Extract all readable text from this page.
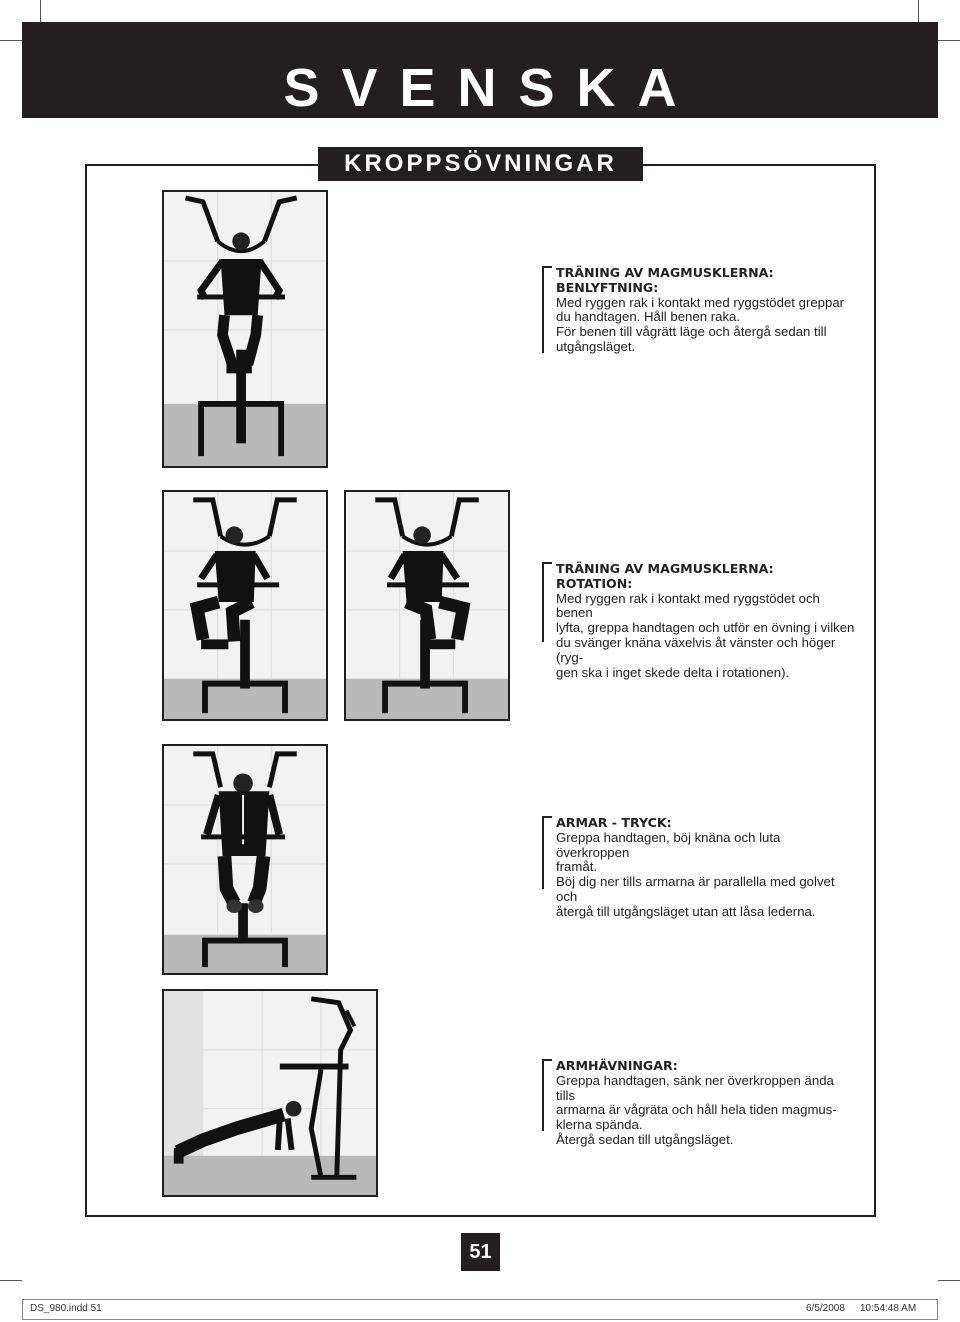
SVENSKA
KROPPSÖVNINGAR
TRÄNING AV MAGMUSKLERNA:
BENLYFTNING:

Med ryggen rak i kontakt med ryggstödet greppar

du handtagen. Håll benen raka.

För benen till vågrätt läge och återgå sedan till

utgångsläget.

TRÄNING AV MAGMUSKLERNA:
ROTATION:

Med ryggen rak i kontakt med ryggstödet och benen

lyfta, greppa handtagen och utför en övning i vilken

du svänger knäna växelvis åt vänster och höger (ryg-

gen ska i inget skede delta i rotationen).

ARMAR - TRYCK:

Greppa handtagen, böj knäna och luta överkroppen

framåt.

Böj dig ner tills armarna är parallella med golvet och

återgå till utgångsläget utan att låsa lederna.

ARMHÄVNINGAR:

Greppa handtagen, sänk ner överkroppen ända tills

armarna är vågräta och håll hela tiden magmus-

klerna spända.

Återgå sedan till utgångsläget.

51
DS_980.indd 51	6/5/2008 10:54:48 AM
